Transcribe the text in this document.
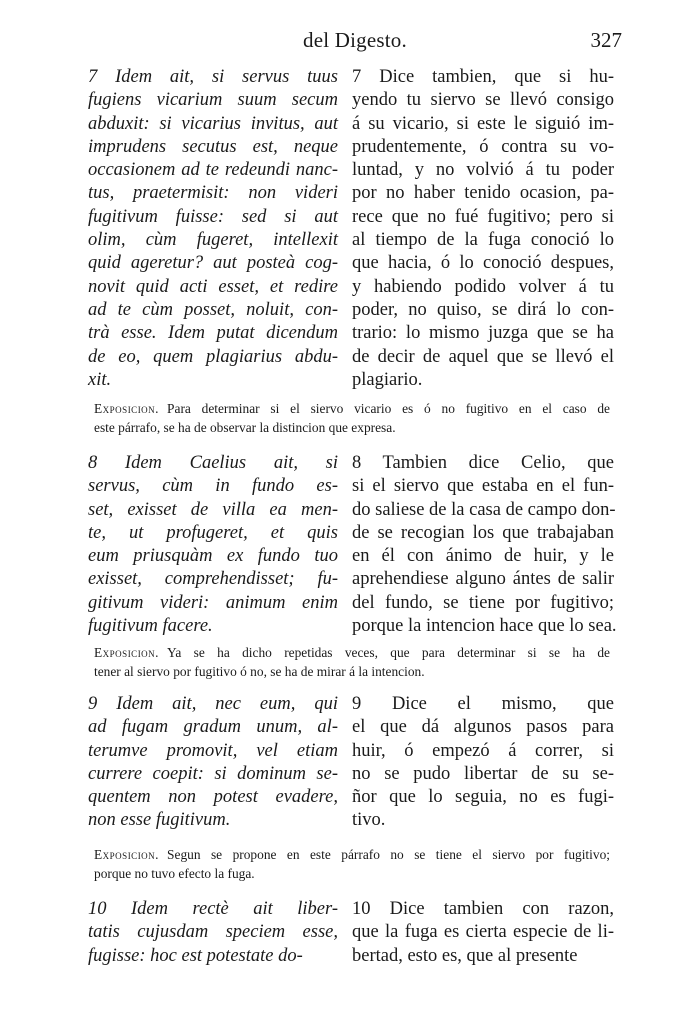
del Digesto.	327
7 Idem ait, si servus tuus
fugiens vicarium suum secum
abduxit: si vicarius invitus, aut
imprudens secutus est, neque
occasionem ad te redeundi nanc-
tus, praetermisit: non videri
fugitivum fuisse: sed si aut
olim, cùm fugeret, intellexit
quid ageretur? aut posteà cog-
novit quid acti esset, et redire
ad te cùm posset, noluit, con-
trà esse. Idem putat dicendum
de eo, quem plagiarius abdu-
xit.
7 Dice tambien, que si hu-
yendo tu siervo se llevó consigo
á su vicario, si este le siguió im-
prudentemente, ó contra su vo-
luntad, y no volvió á tu poder
por no haber tenido ocasion, pa-
rece que no fué fugitivo; pero si
al tiempo de la fuga conoció lo
que hacia, ó lo conoció despues,
y habiendo podido volver á tu
poder, no quiso, se dirá lo con-
trario: lo mismo juzga que se ha
de decir de aquel que se llevó el
plagiario.
Exposicion. Para determinar si el siervo vicario es ó no fugitivo en el caso de
este párrafo, se ha de observar la distincion que expresa.
8 Idem Caelius ait, si
servus, cùm in fundo es-
set, exisset de villa ea men-
te, ut profugeret, et quis
eum priusquàm ex fundo tuo
exisset, comprehendisset; fu-
gitivum videri: animum enim
fugitivum facere.
8 Tambien dice Celio, que
si el siervo que estaba en el fun-
do saliese de la casa de campo don-
de se recogian los que trabajaban
en él con ánimo de huir, y le
aprehendiese alguno ántes de salir
del fundo, se tiene por fugitivo;
porque la intencion hace que lo sea.
Exposicion. Ya se ha dicho repetidas veces, que para determinar si se ha de
tener al siervo por fugitivo ó no, se ha de mirar á la intencion.
9 Idem ait, nec eum, qui
ad fugam gradum unum, al-
terumve promovit, vel etiam
currere coepit: si dominum se-
quentem non potest evadere,
non esse fugitivum.
9 Dice el mismo, que
el que dá algunos pasos para
huir, ó empezó á correr, si
no se pudo libertar de su se-
ñor que lo seguia, no es fugi-
tivo.
Exposicion. Segun se propone en este párrafo no se tiene el siervo por fugitivo;
porque no tuvo efecto la fuga.
10 Idem rectè ait liber-
tatis cujusdam speciem esse,
fugisse: hoc est potestate do-
10 Dice tambien con razon,
que la fuga es cierta especie de li-
bertad, esto es, que al presente
